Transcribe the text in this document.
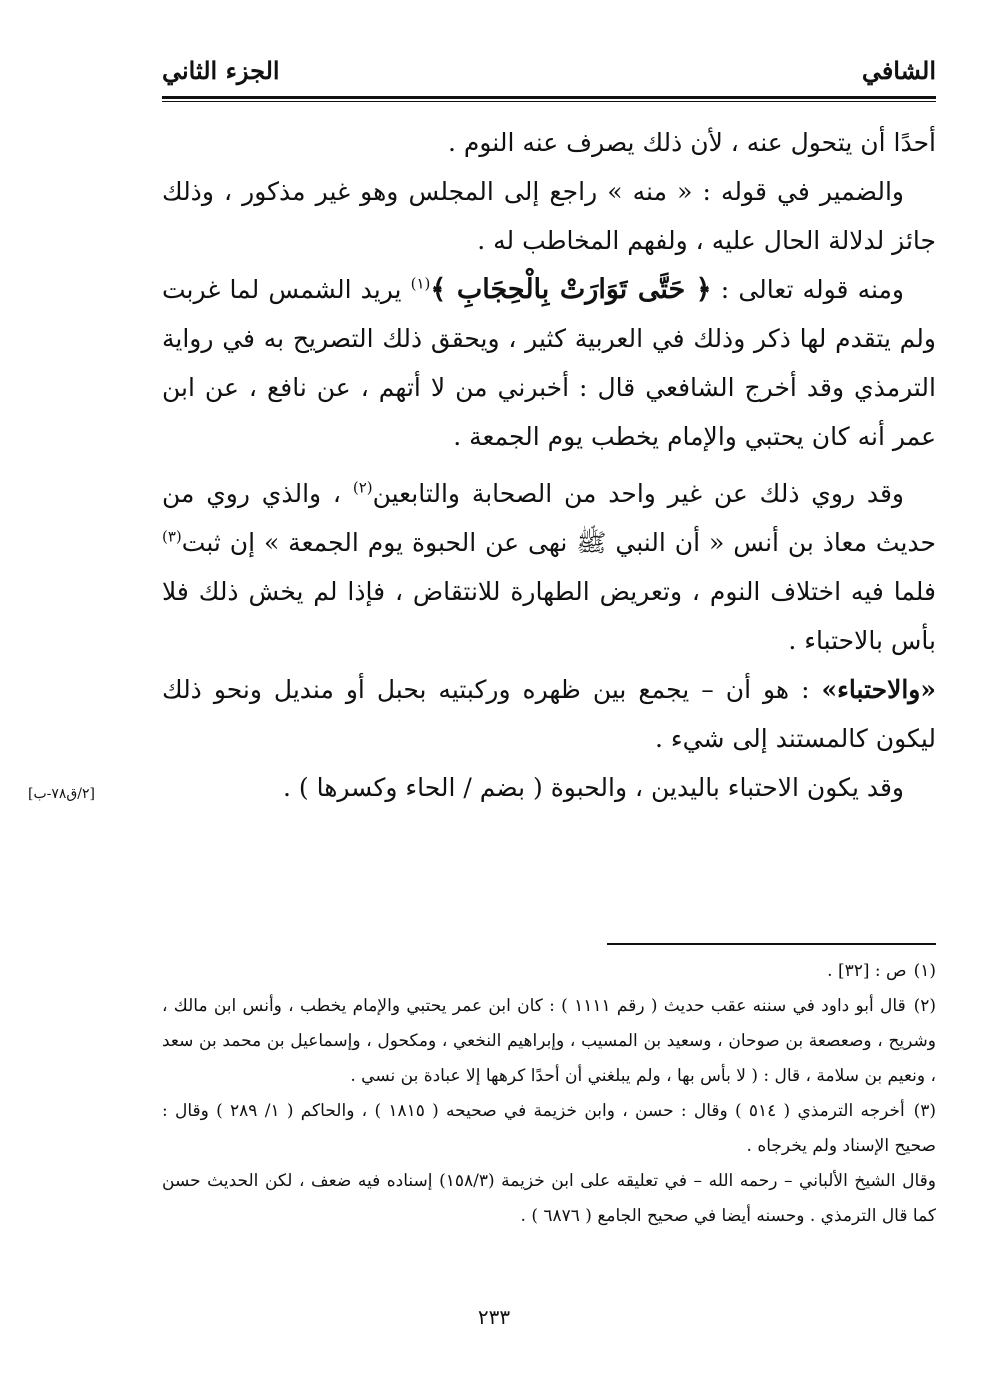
الشافي
الجزء الثاني

أحدًا أن يتحول عنه ، لأن ذلك يصرف عنه النوم .

والضمير في قوله : « منه » راجع إلى المجلس وهو غير مذكور ، وذلك جائز لدلالة الحال عليه ، ولفهم المخاطب له .

ومنه قوله تعالى : ﴿ حَتَّى تَوَارَتْ بِالْحِجَابِ ﴾$^{(١)}$ يريد الشمس لما غربت ولم يتقدم لها ذكر وذلك في العربية كثير ، ويحقق ذلك التصريح به في رواية الترمذي وقد أخرج الشافعي قال : أخبرني من لا أتهم ، عن نافع ، عن ابن عمر أنه كان يحتبي والإمام يخطب يوم الجمعة .

وقد روي ذلك عن غير واحد من الصحابة والتابعين$^{(٢)}$ ، والذي روي من حديث معاذ بن أنس « أن النبي ﷺ نهى عن الحبوة يوم الجمعة » إن ثبت$^{(٣)}$ فلما فيه اختلاف النوم ، وتعريض الطهارة للانتقاض ، فإذا لم يخش ذلك فلا بأس بالاحتباء .

«والاحتباء» : هو أن – يجمع بين ظهره وركبتيه بحبل أو منديل ونحو ذلك ليكون كالمستند إلى شيء .

وقد يكون الاحتباء باليدين ، والحبوة ( بضم / الحاء وكسرها ) .

[٢/ق٧٨-ب]

(١) ص : [٣٢] .

(٢) قال أبو داود في سننه عقب حديث ( رقم ١١١١ ) : كان ابن عمر يحتبي والإمام يخطب ، وأنس ابن مالك ، وشريح ، وصعصعة بن صوحان ، وسعيد بن المسيب ، وإبراهيم النخعي ، ومكحول ، وإسماعيل بن محمد بن سعد ، ونعيم بن سلامة ، قال : ( لا بأس بها ، ولم يبلغني أن أحدًا كرهها إلا عبادة بن نسي .

(٣) أخرجه الترمذي ( ٥١٤ ) وقال : حسن ، وابن خزيمة في صحيحه ( ١٨١٥ ) ، والحاكم ( ١/ ٢٨٩ ) وقال : صحيح الإسناد ولم يخرجاه .

وقال الشيخ الألباني – رحمه الله – في تعليقه على ابن خزيمة (١٥٨/٣) إسناده فيه ضعف ، لكن الحديث حسن كما قال الترمذي . وحسنه أيضا في صحيح الجامع ( ٦٨٧٦ ) .

٢٣٣
